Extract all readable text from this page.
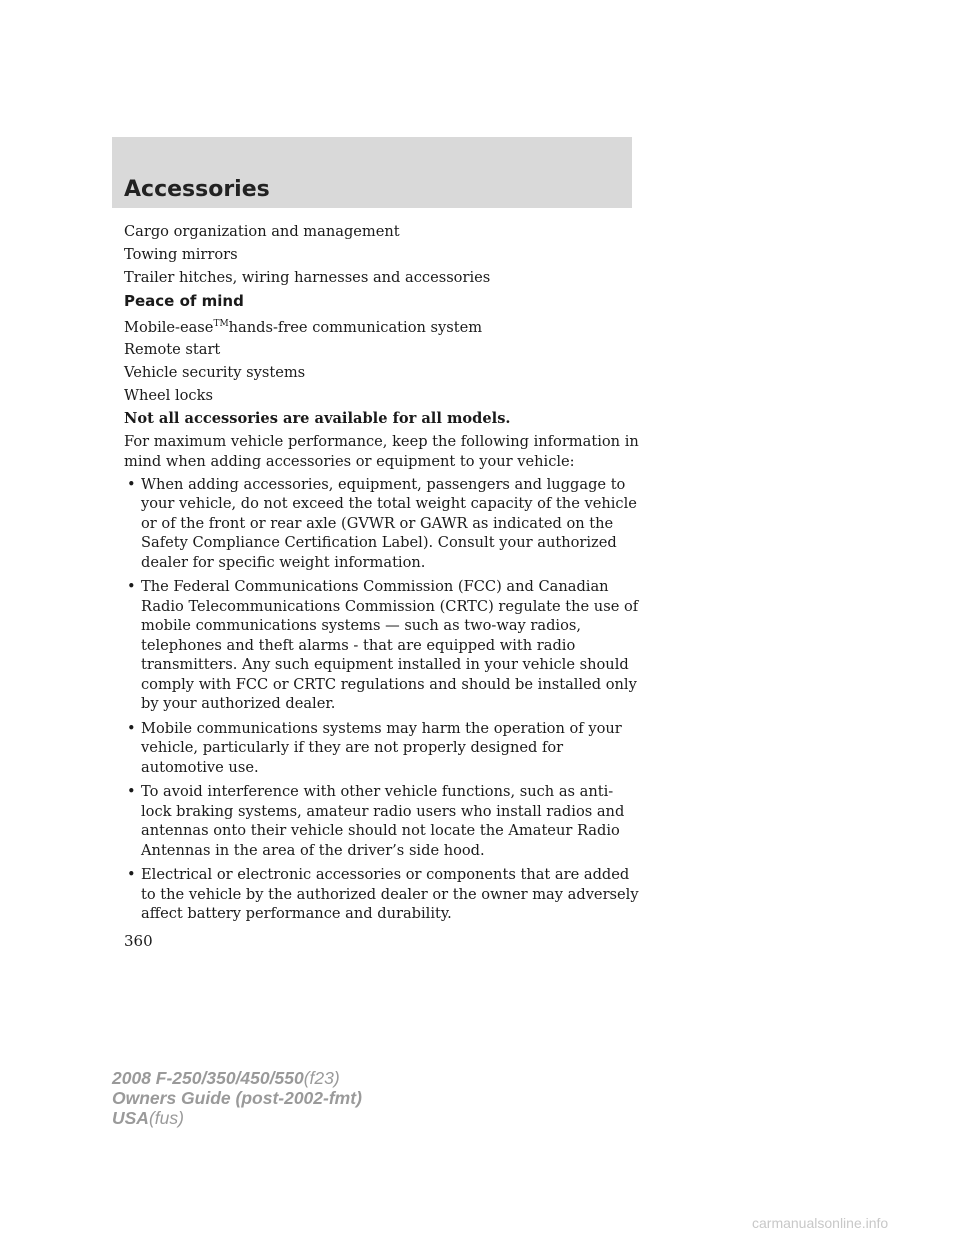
Accessories
Cargo organization and management
Towing mirrors
Trailer hitches, wiring harnesses and accessories
Peace of mind
Mobile-ease™hands-free communication system
Remote start
Vehicle security systems
Wheel locks
Not all accessories are available for all models.
For maximum vehicle performance, keep the following information in mind when adding accessories or equipment to your vehicle:
• When adding accessories, equipment, passengers and luggage to your vehicle, do not exceed the total weight capacity of the vehicle or of the front or rear axle (GVWR or GAWR as indicated on the Safety Compliance Certification Label). Consult your authorized dealer for specific weight information.
• The Federal Communications Commission (FCC) and Canadian Radio Telecommunications Commission (CRTC) regulate the use of mobile communications systems — such as two-way radios, telephones and theft alarms - that are equipped with radio transmitters. Any such equipment installed in your vehicle should comply with FCC or CRTC regulations and should be installed only by your authorized dealer.
• Mobile communications systems may harm the operation of your vehicle, particularly if they are not properly designed for automotive use.
• To avoid interference with other vehicle functions, such as anti-lock braking systems, amateur radio users who install radios and antennas onto their vehicle should not locate the Amateur Radio Antennas in the area of the driver’s side hood.
• Electrical or electronic accessories or components that are added to the vehicle by the authorized dealer or the owner may adversely affect battery performance and durability.
360
2008 F-250/350/450/550(f23)
Owners Guide (post-2002-fmt)
USA(fus)
carmanualsonline.info
